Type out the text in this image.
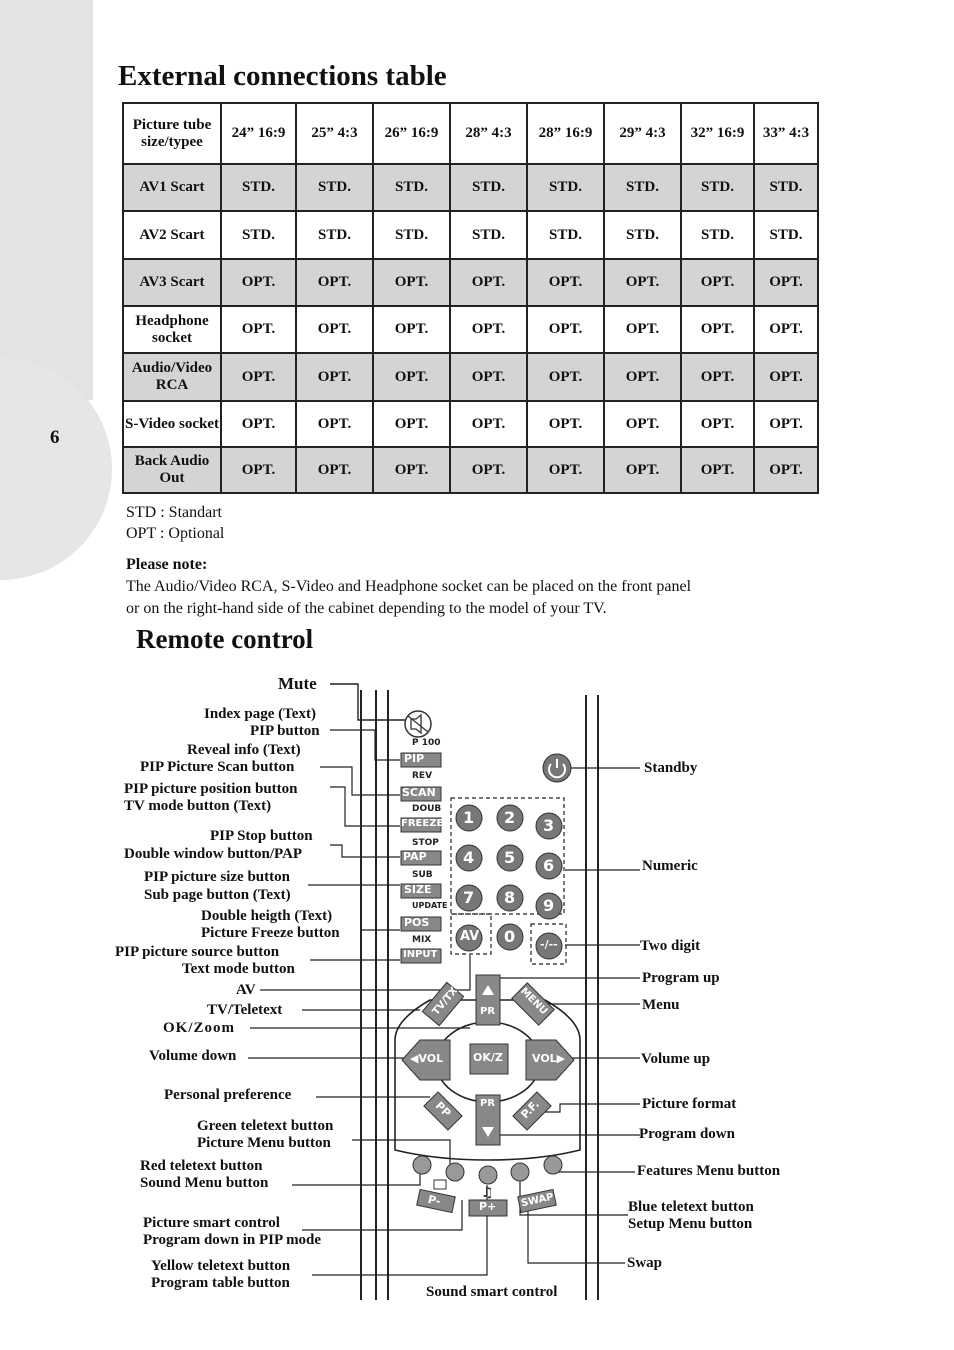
6
External connections table
Picture tube size/typee	24” 16:9	25” 4:3	26” 16:9	28” 4:3	28” 16:9	29” 4:3	32” 16:9	33” 4:3
AV1 Scart	STD.	STD.	STD.	STD.	STD.	STD.	STD.	STD.
AV2 Scart	STD.	STD.	STD.	STD.	STD.	STD.	STD.	STD.
AV3 Scart	OPT.	OPT.	OPT.	OPT.	OPT.	OPT.	OPT.	OPT.
Headphone socket	OPT.	OPT.	OPT.	OPT.	OPT.	OPT.	OPT.	OPT.
Audio/Video RCA	OPT.	OPT.	OPT.	OPT.	OPT.	OPT.	OPT.	OPT.
S-Video socket	OPT.	OPT.	OPT.	OPT.	OPT.	OPT.	OPT.	OPT.
Back Audio Out	OPT.	OPT.	OPT.	OPT.	OPT.	OPT.	OPT.	OPT.
STD : Standart
OPT : Optional
Please note:
The Audio/Video RCA, S-Video and Headphone socket can be placed on the front panel
or on the right-hand side of the cabinet depending to the model of your TV.
Remote control
♫
P 100
PIP
REV
SCAN
DOUB
FREEZE
STOP
PAP
SUB
SIZE
UPDATE
POS
MIX
INPUT
AV
-/--
TV/TX	MENU
PR
PR
◀VOL	VOL▶
OK/Z
PP	P.F.
P-	P+ SWAP
1 2 3
4 5 6
7 8 9
0
Mute
Index page (Text)
PIP button
Reveal info (Text)
PIP Picture Scan button
PIP picture position button
TV mode button (Text)
PIP Stop button
Double window button/PAP
PIP picture size button
Sub page button (Text)
Double heigth (Text)
Picture Freeze button
PIP picture source button
Text mode button
AV
TV/Teletext
OK/Zoom
Volume down
Personal preference
Green teletext button
Picture Menu button
Red teletext button
Sound Menu button
Picture smart control
Program down in PIP mode
Yellow teletext button
Program table button
Standby
Numeric
Two digit
Program up
Menu
Volume up
Picture format
Program down
Features Menu button
Blue teletext button
Setup Menu button
Swap
Sound smart control
